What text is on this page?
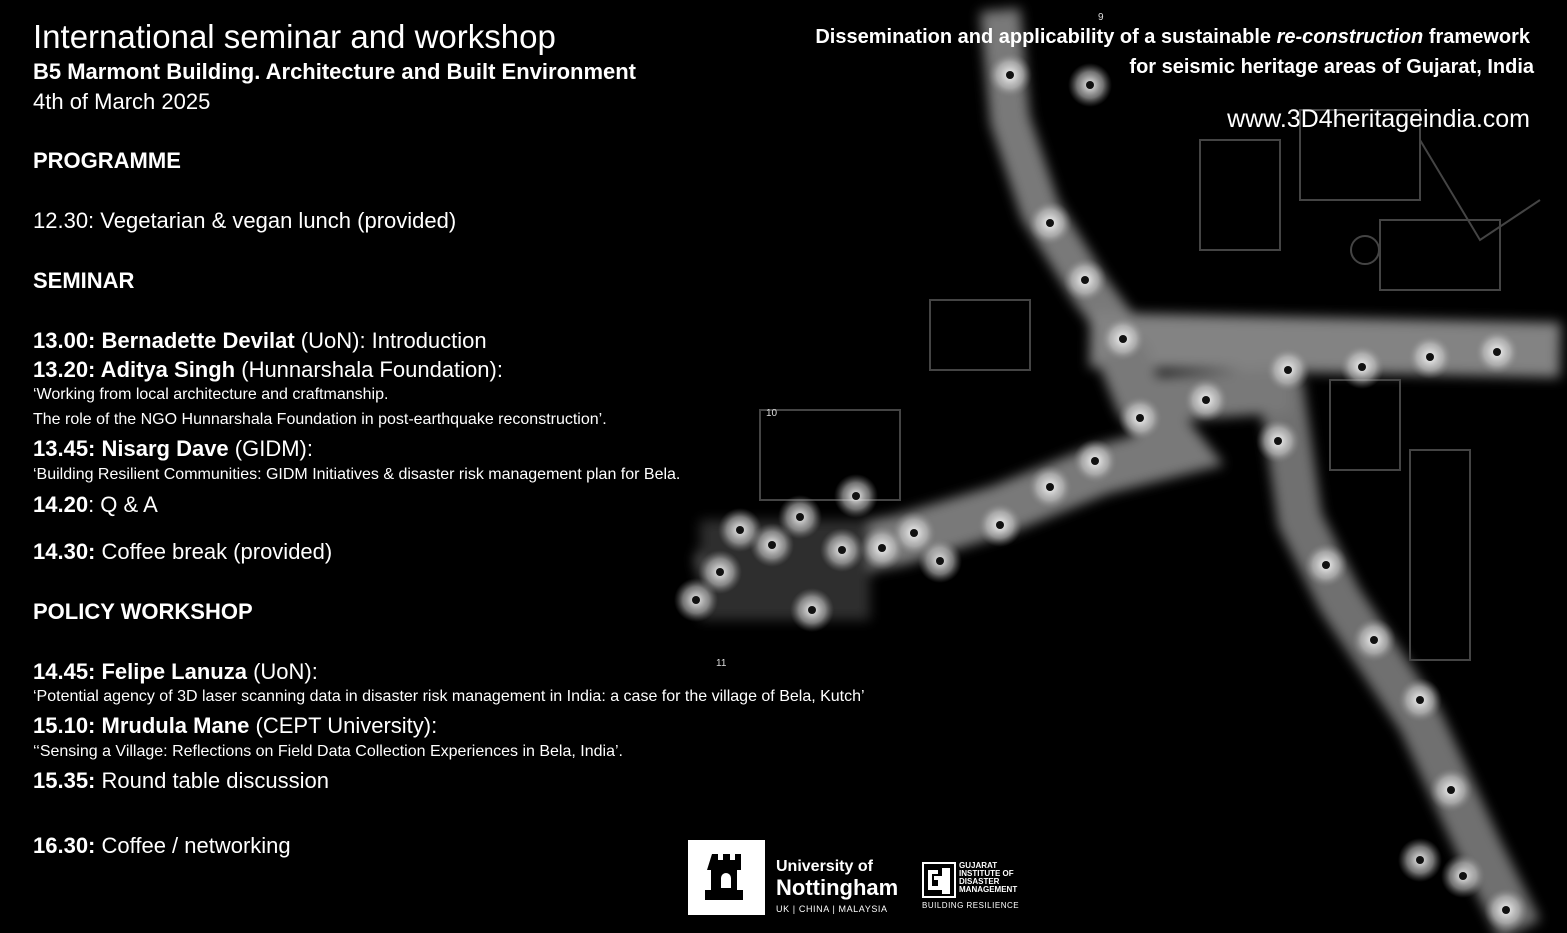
9
10
11
International seminar and workshop
B5 Marmont Building. Architecture and Built Environment
4th of March 2025
Dissemination and applicability of a sustainable re-construction framework
for seismic heritage areas of Gujarat, India
www.3D4heritageindia.com
PROGRAMME
12.30: Vegetarian & vegan lunch (provided)
SEMINAR
13.00: Bernadette Devilat (UoN): Introduction
13.20: Aditya Singh (Hunnarshala Foundation):
‘Working from local architecture and craftmanship.
The role of the NGO Hunnarshala Foundation in post-earthquake reconstruction’.
13.45: Nisarg Dave (GIDM):
‘Building Resilient Communities: GIDM Initiatives & disaster risk management plan for Bela.
14.20: Q & A
14.30: Coffee break (provided)
POLICY WORKSHOP
14.45: Felipe Lanuza (UoN):
‘Potential agency of 3D laser scanning data in disaster risk management in India: a case for the village of Bela, Kutch’
15.10: Mrudula Mane (CEPT University):
‘‘Sensing a Village: Reflections on Field Data Collection Experiences in Bela, India’.
15.35: Round table discussion
16.30: Coffee / networking
University of
Nottingham
UK | CHINA | MALAYSIA
GUJARAT
INSTITUTE OF
DISASTER
MANAGEMENT
BUILDING RESILIENCE
